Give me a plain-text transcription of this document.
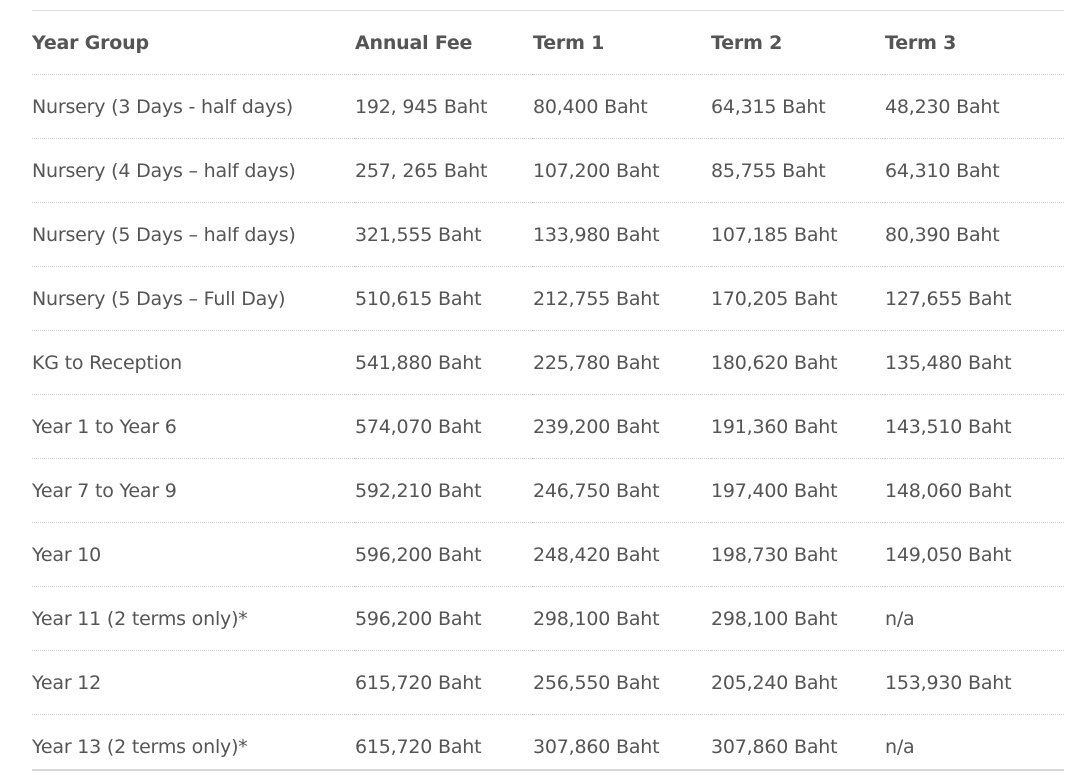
Year Group	Annual Fee	Term 1	Term 2	Term 3
Nursery (3 Days - half days)	192, 945 Baht	80,400 Baht	64,315 Baht	48,230 Baht
Nursery (4 Days – half days)	257, 265 Baht	107,200 Baht	85,755 Baht	64,310 Baht
Nursery (5 Days – half days)	321,555 Baht	133,980 Baht	107,185 Baht	80,390 Baht
Nursery (5 Days – Full Day)	510,615 Baht	212,755 Baht	170,205 Baht	127,655 Baht
KG to Reception	541,880 Baht	225,780 Baht	180,620 Baht	135,480 Baht
Year 1 to Year 6	574,070 Baht	239,200 Baht	191,360 Baht	143,510 Baht
Year 7 to Year 9	592,210 Baht	246,750 Baht	197,400 Baht	148,060 Baht
Year 10	596,200 Baht	248,420 Baht	198,730 Baht	149,050 Baht
Year 11 (2 terms only)*	596,200 Baht	298,100 Baht	298,100 Baht	n/a
Year 12	615,720 Baht	256,550 Baht	205,240 Baht	153,930 Baht
Year 13 (2 terms only)*	615,720 Baht	307,860 Baht	307,860 Baht	n/a
